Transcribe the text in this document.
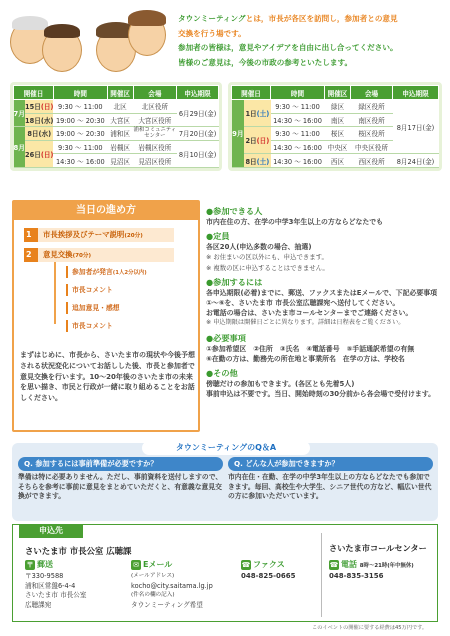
タウンミーティングとは，市長が各区を訪問し，参加者との意見
交換を行う場です。
参加者の皆様は，意見やアイデアを自由に出し合ってください。
皆様のご意見は，今後の市政の参考といたします。
開催日		時間	開催区	会場	申込期限
7月	15日(日)	9:30 ～ 11:00	北区	北区役所	6月29日(金)
	18日(水)	19:00 ～ 20:30	大宮区	大宮区役所	
8月	8日(水)	19:00 ～ 20:30	浦和区	浦和コミュニティセンター	7月20日(金)
	26日(日)	9:30 ～ 11:00	岩槻区	岩槻区役所	8月10日(金)
		14:30 ～ 16:00	見沼区	見沼区役所	
開催日		時間	開催区	会場	申込期限
9月	1日(土)	9:30 ～ 11:00	緑区	緑区役所	8月17日(金)
		14:30 ～ 16:00	南区	南区役所	
	2日(日)	9:30 ～ 11:00	桜区	桜区役所	
		14:30 ～ 16:00	中央区	中央区役所	
	8日(土)	14:30 ～ 16:00	西区	西区役所	8月24日(金)
当日の進め方
1 市長挨拶及びテーマ説明(20分)
2 意見交換(70分)
参加者が発言(1人2分以内)
市長コメント
追加意見・感想
市長コメント
まずはじめに、市長から、さいたま市の現状や今後予想される状況変化についてお話しした後、市長と参加者で意見交換を行います。10～20年後のさいたま市の未来を思い描き、市民と行政が一緒に取り組めることをお話しください。
●参加できる人

市内在住の方、在学の中学3年生以上の方ならどなたでも

●定員

各区20人(申込多数の場合、抽選)

※ お住まいの区以外にも、申込できます。

※ 複数の区に申込することはできません。

●参加するには

各申込期限(必着)までに、郵送、ファクスまたはEメールで、下記必要事項

①～⑥を、さいたま市 市長公室広聴課宛へ送付してください。

お電話の場合は、さいたま市コールセンターまでご連絡ください。

※ 申込期限は開催日ごとに異なります。詳細は日程表をご覧ください。

●必要事項

①参加希望区　②住所　③氏名　④電話番号　⑤手話通訳希望の有無

⑥在勤の方は、勤務先の所在地と事業所名　在学の方は、学校名

●その他

傍聴だけの参加もできます。(各区とも先着5人)

事前申込は不要です。当日、開始時刻の30分前から各会場で受付けます。

タウンミーティングのQ＆A
Q. 参加するには事前準備が必要ですか？
準備は特に必要ありません。ただし、事前資料を送付しますので、そちらを参考に事前に意見をまとめていただくと、有意義な意見交換ができます。
Q. どんな人が参加できますか？
市内在住・在勤、在学の中学3年生以上の方ならどなたでも参加できます。毎回、高校生や大学生、シニア世代の方など、幅広い世代の方に参加いただいています。
申込先
さいたま市 市長公室 広聴課
〒 郵送
〒330-9588
浦和区常盤6-4-4
さいたま市 市長公室
広聴課宛
✉ Eメール
(メールアドレス)
kocho@city.saitama.lg.jp
(件名の欄の記入)
タウンミーティング希望
☎ ファクス
048-825-0665
さいたま市コールセンター
☎ 電話 8時～21時(年中無休)
048-835-3156
このイベントの開催に要する経費は45万円です。
